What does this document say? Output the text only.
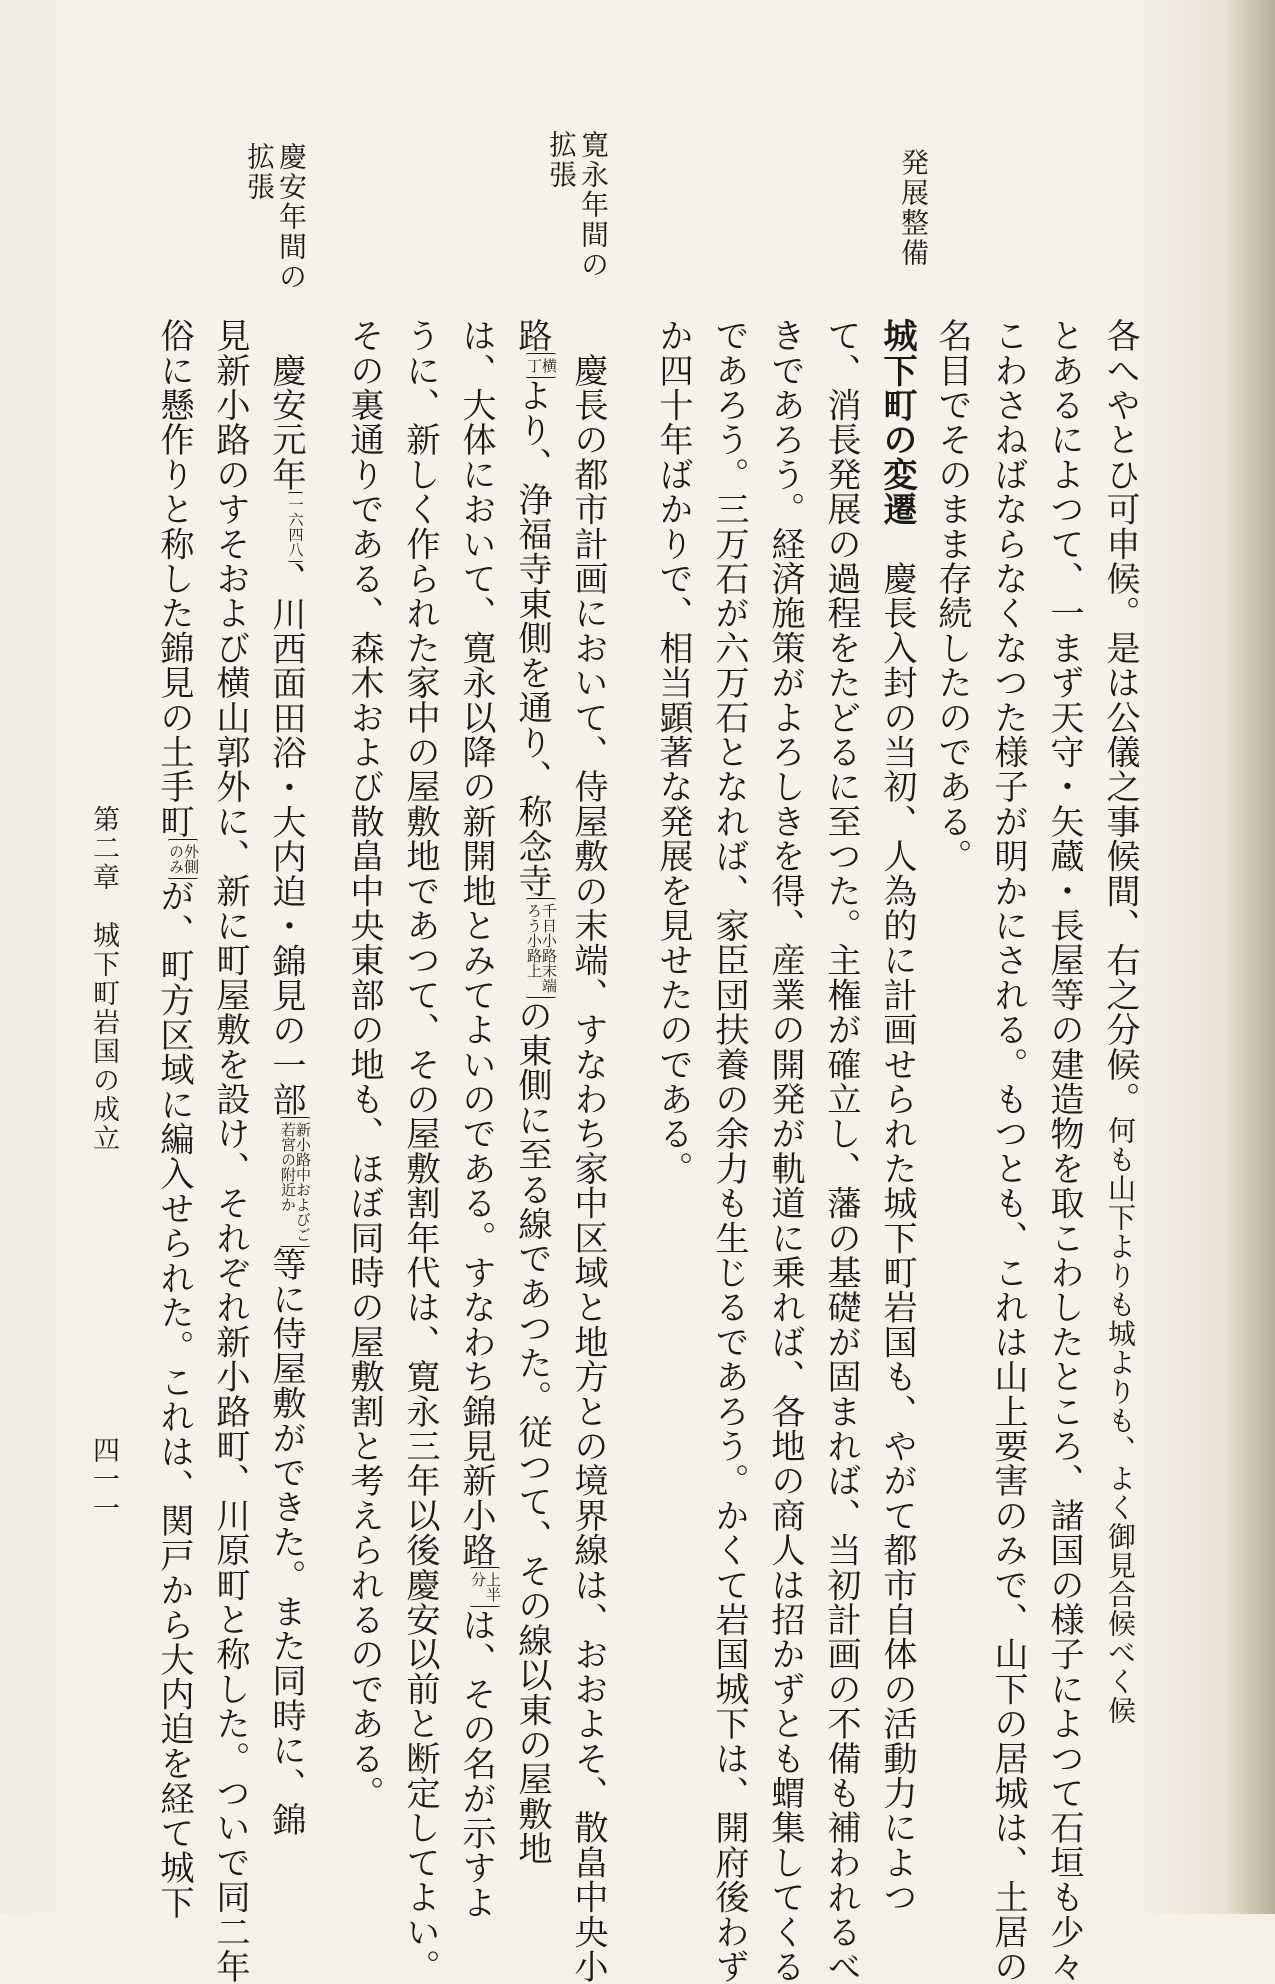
発展整備
寛永年間の
拡張
慶安年間の
拡張
各へやとひ可申候。是は公儀之事候間、右之分候。何も山下よりも城よりも、よく御見合候べく候
とあるによつて、一まず天守・矢蔵・長屋等の建造物を取こわしたところ、諸国の様子によつて石垣も少々
こわさねばならなくなつた様子が明かにされる。もつとも、これは山上要害のみで、山下の居城は、土居の
名目でそのまま存続したのである。
城下町の変遷　慶長入封の当初、人為的に計画せられた城下町岩国も、やがて都市自体の活動力によつ
て、消長発展の過程をたどるに至つた。主権が確立し、藩の基礎が固まれば、当初計画の不備も補われるべ
きであろう。経済施策がよろしきを得、産業の開発が軌道に乗れば、各地の商人は招かずとも蝟集してくる
であろう。三万石が六万石となれば、家臣団扶養の余力も生じるであろう。かくて岩国城下は、開府後わず
か四十年ばかりで、相当顕著な発展を見せたのである。
　慶長の都市計画において、侍屋敷の末端、すなわち家中区域と地方との境界線は、おおよそ、散畠中央小
路
横
丁
より、浄福寺東側を通り、称念寺
千日小路末端
ろう小路上
の東側に至る線であつた。従つて、その線以東の屋敷地
は、大体において、寛永以降の新開地とみてよいのである。すなわち錦見新小路
上半
分
は、その名が示すよ
うに、新しく作られた家中の屋敷地であつて、その屋敷割年代は、寛永三年以後慶安以前と断定してよい。
その裏通りである、森木および散畠中央東部の地も、ほぼ同時の屋敷割と考えられるのである。
　慶安元年
一六四八
、川西面田浴・大内迫・錦見の一部
新小路中およびご
若宮の附近か
等に侍屋敷ができた。また同時に、錦
見新小路のすそおよび横山郭外に、新に町屋敷を設け、それぞれ新小路町、川原町と称した。ついで同二年
俗に懸作りと称した錦見の土手町
外側
のみ
が、町方区域に編入せられた。これは、関戸から大内迫を経て城下
第二章　城下町岩国の成立
四一一
